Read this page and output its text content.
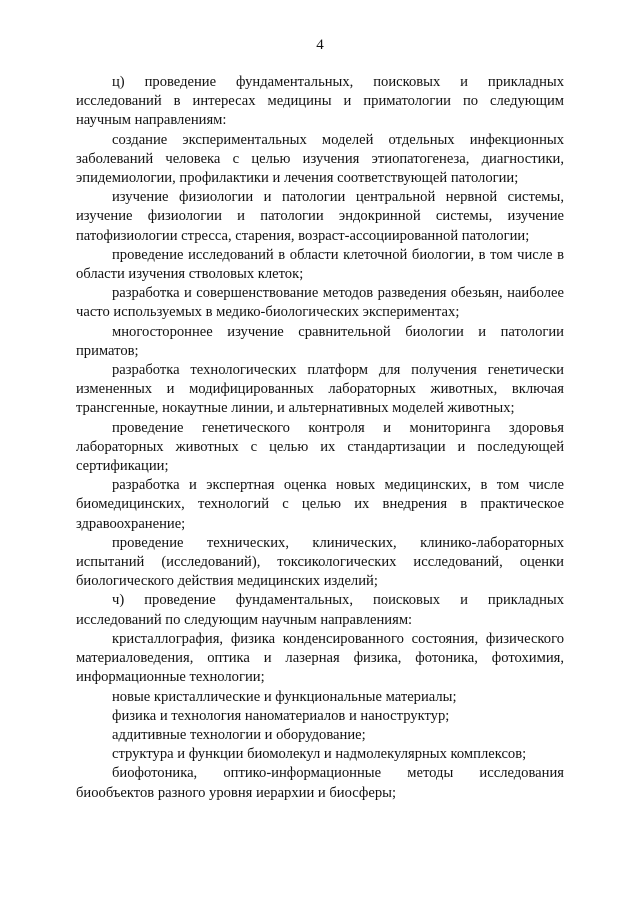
4

ц) проведение фундаментальных, поисковых и прикладных исследований в интересах медицины и приматологии по следующим научным направлениям:

создание экспериментальных моделей отдельных инфекционных заболеваний человека с целью изучения этиопатогенеза, диагностики, эпидемиологии, профилактики и лечения соответствующей патологии;

изучение физиологии и патологии центральной нервной системы, изучение физиологии и патологии эндокринной системы, изучение патофизиологии стресса, старения, возраст-ассоциированной патологии;

проведение исследований в области клеточной биологии, в том числе в области изучения стволовых клеток;

разработка и совершенствование методов разведения обезьян, наиболее часто используемых в медико-биологических экспериментах;

многостороннее изучение сравнительной биологии и патологии приматов;

разработка технологических платформ для получения генетически измененных и модифицированных лабораторных животных, включая трансгенные, нокаутные линии, и альтернативных моделей животных;

проведение генетического контроля и мониторинга здоровья лабораторных животных с целью их стандартизации и последующей сертификации;

разработка и экспертная оценка новых медицинских, в том числе биомедицинских, технологий с целью их внедрения в практическое здравоохранение;

проведение технических, клинических, клинико-лабораторных испытаний (исследований), токсикологических исследований, оценки биологического действия медицинских изделий;

ч) проведение фундаментальных, поисковых и прикладных исследований по следующим научным направлениям:

кристаллография, физика конденсированного состояния, физического материаловедения, оптика и лазерная физика, фотоника, фотохимия, информационные технологии;

новые кристаллические и функциональные материалы;

физика и технология наноматериалов и наноструктур;

аддитивные технологии и оборудование;

структура и функции биомолекул и надмолекулярных комплексов;

биофотоника, оптико-информационные методы исследования биообъектов разного уровня иерархии и биосферы;
